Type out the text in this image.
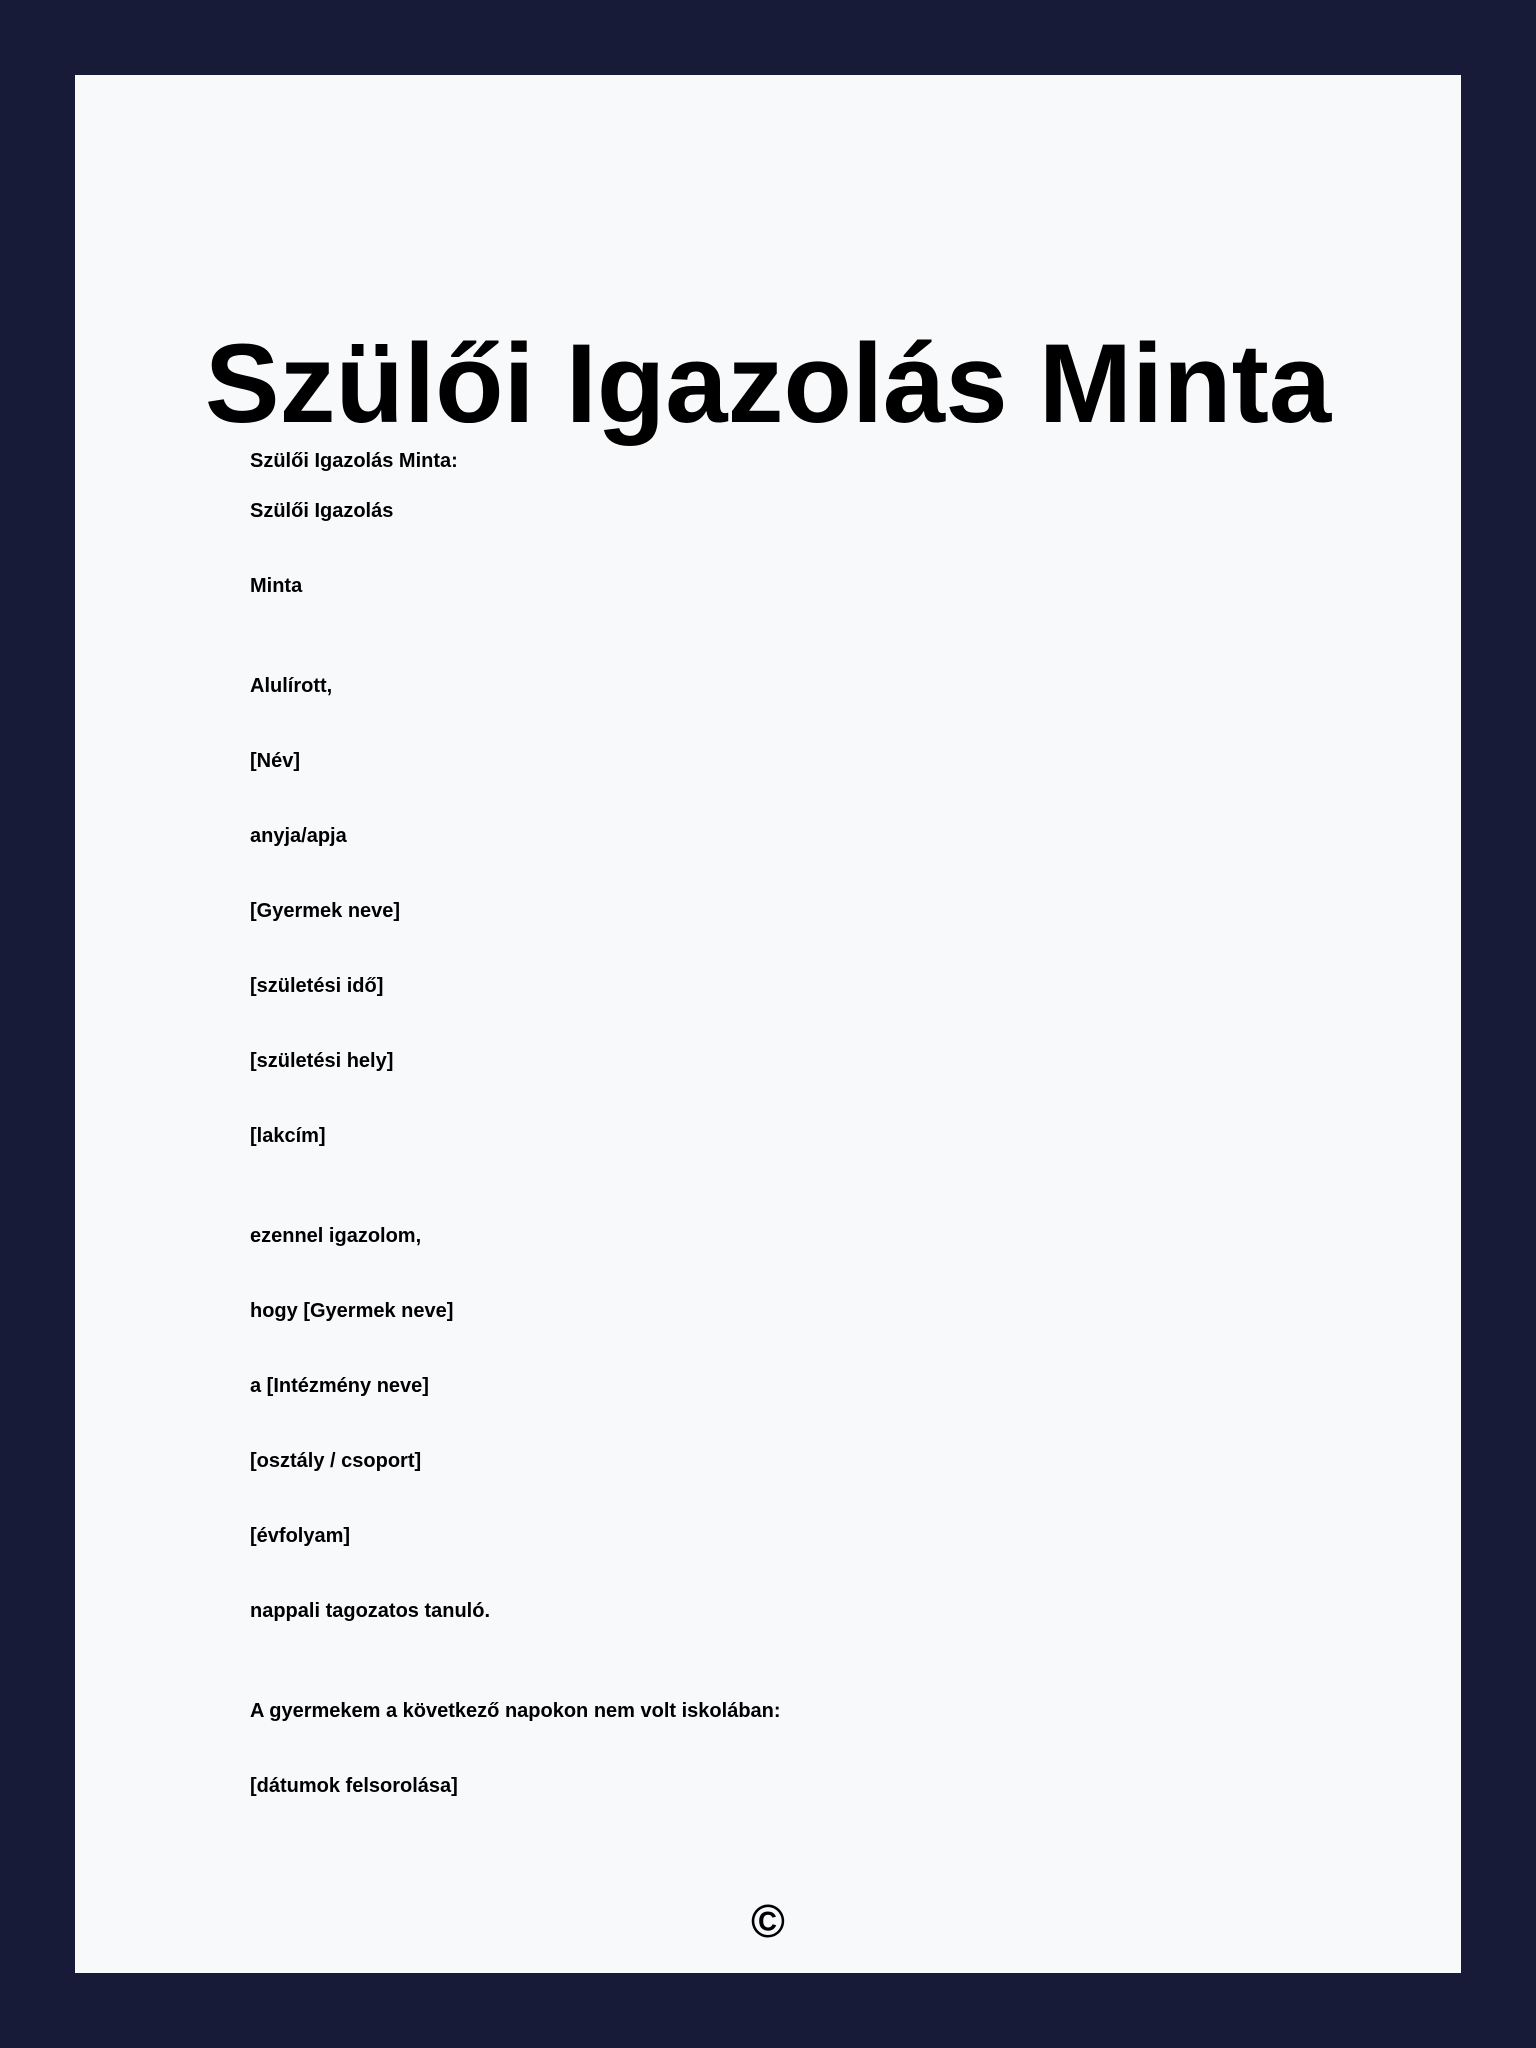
Szülői Igazolás Minta

Szülői Igazolás Minta:

Szülői Igazolás

Minta

Alulírott,

[Név]

anyja/apja

[Gyermek neve]

[születési idő]

[születési hely]

[lakcím]

ezennel igazolom,

hogy [Gyermek neve]

a [Intézmény neve]

[osztály / csoport]

[évfolyam]

nappali tagozatos tanuló.

A gyermekem a következő napokon nem volt iskolában:

[dátumok felsorolása]

©
